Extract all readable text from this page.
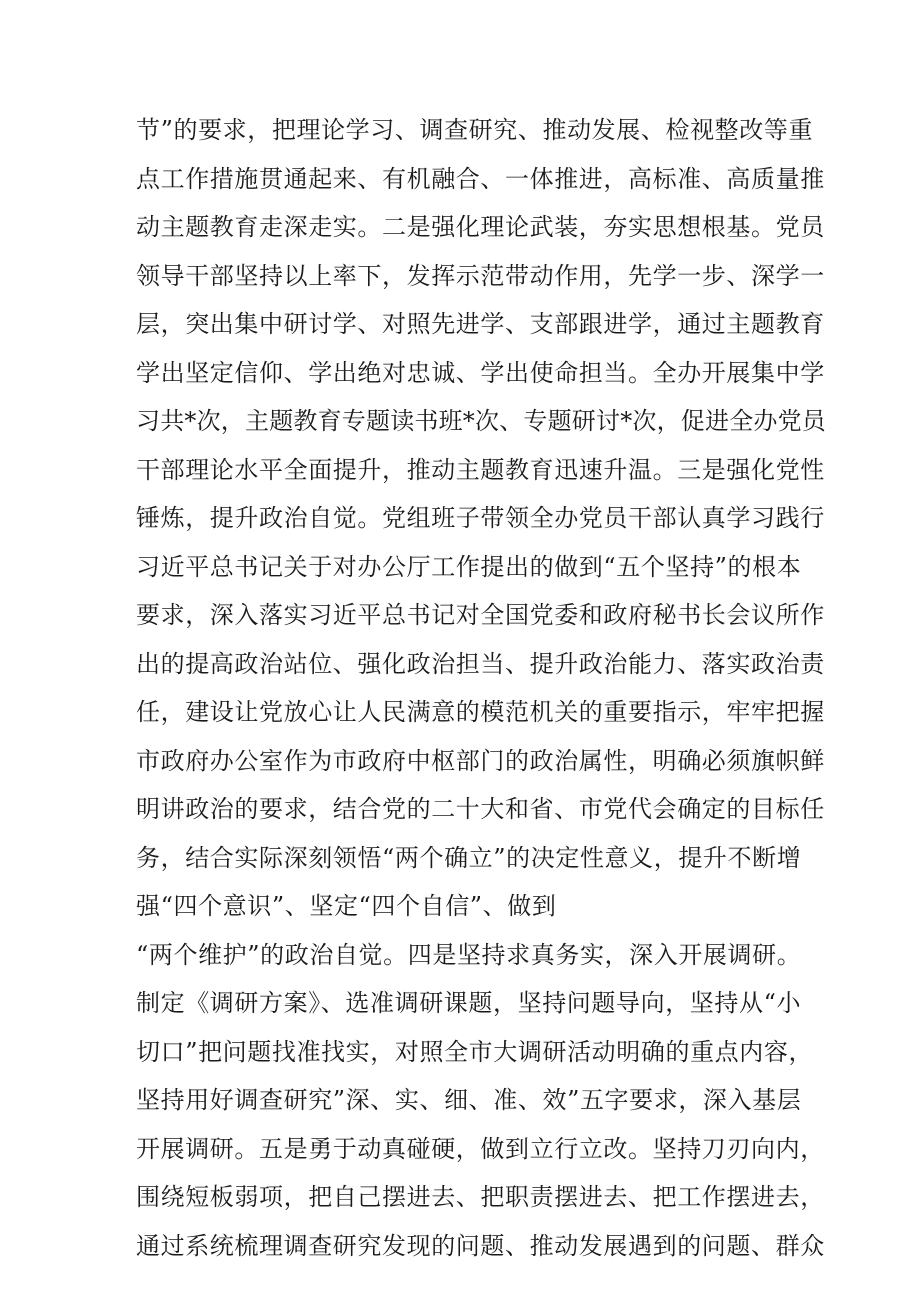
节”的要求，把理论学习、调查研究、推动发展、检视整改等重
点工作措施贯通起来、有机融合、一体推进，高标准、高质量推
动主题教育走深走实。二是强化理论武装，夯实思想根基。党员
领导干部坚持以上率下，发挥示范带动作用，先学一步、深学一
层，突出集中研讨学、对照先进学、支部跟进学，通过主题教育
学出坚定信仰、学出绝对忠诚、学出使命担当。全办开展集中学
习共*次，主题教育专题读书班*次、专题研讨*次，促进全办党员
干部理论水平全面提升，推动主题教育迅速升温。三是强化党性
锤炼，提升政治自觉。党组班子带领全办党员干部认真学习践行
习近平总书记关于对办公厅工作提出的做到“五个坚持”的根本
要求，深入落实习近平总书记对全国党委和政府秘书长会议所作
出的提高政治站位、强化政治担当、提升政治能力、落实政治责
任，建设让党放心让人民满意的模范机关的重要指示，牢牢把握
市政府办公室作为市政府中枢部门的政治属性，明确必须旗帜鲜
明讲政治的要求，结合党的二十大和省、市党代会确定的目标任
务，结合实际深刻领悟“两个确立”的决定性意义，提升不断增
强“四个意识”、坚定“四个自信”、做到
“两个维护”的政治自觉。四是坚持求真务实，深入开展调研。
制定《调研方案》、选准调研课题，坚持问题导向，坚持从“小
切口”把问题找准找实，对照全市大调研活动明确的重点内容，
坚持用好调查研究”深、实、细、准、效”五字要求，深入基层
开展调研。五是勇于动真碰硬，做到立行立改。坚持刀刃向内，
围绕短板弱项，把自己摆进去、把职责摆进去、把工作摆进去，
通过系统梳理调查研究发现的问题、推动发展遇到的问题、群众
